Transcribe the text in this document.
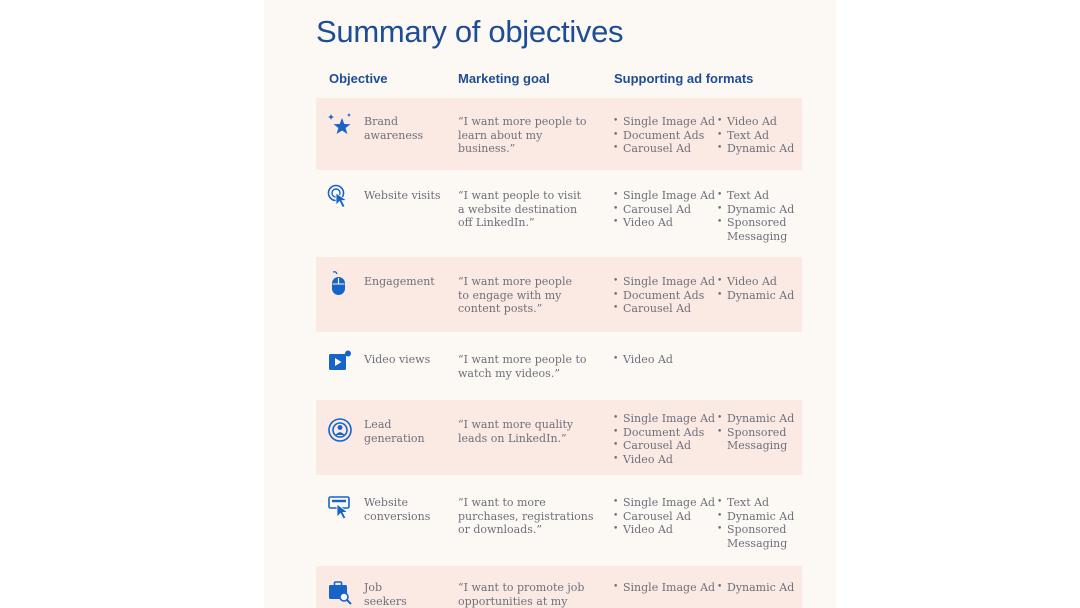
Summary of objectives
Objective	Marketing goal	Supporting ad formats
Brand
awareness
“I want more people to
learn about my
business.”
• Single Image Ad
• Document Ads
• Carousel Ad
• Video Ad
• Text Ad
• Dynamic Ad
Website visits	“I want people to visit
a website destination
off LinkedIn.”
• Single Image Ad
• Carousel Ad
• Video Ad
• Text Ad
• Dynamic Ad
• Sponsored
Messaging
Engagement	“I want more people
to engage with my
content posts.”
• Single Image Ad
• Document Ads
• Carousel Ad
• Video Ad
• Dynamic Ad
Video views	“I want more people to
watch my videos.”
• Video Ad
Lead
generation
“I want more quality
leads on LinkedIn.”
• Single Image Ad
• Document Ads
• Carousel Ad
• Video Ad
• Dynamic Ad
• Sponsored
Messaging
Website
conversions
“I want to more
purchases, registrations
or downloads.”
• Single Image Ad
• Carousel Ad
• Video Ad
• Text Ad
• Dynamic Ad
• Sponsored
Messaging
Job
seekers
“I want to promote job
opportunities at my
• Single Image Ad
•	Dynamic Ad
